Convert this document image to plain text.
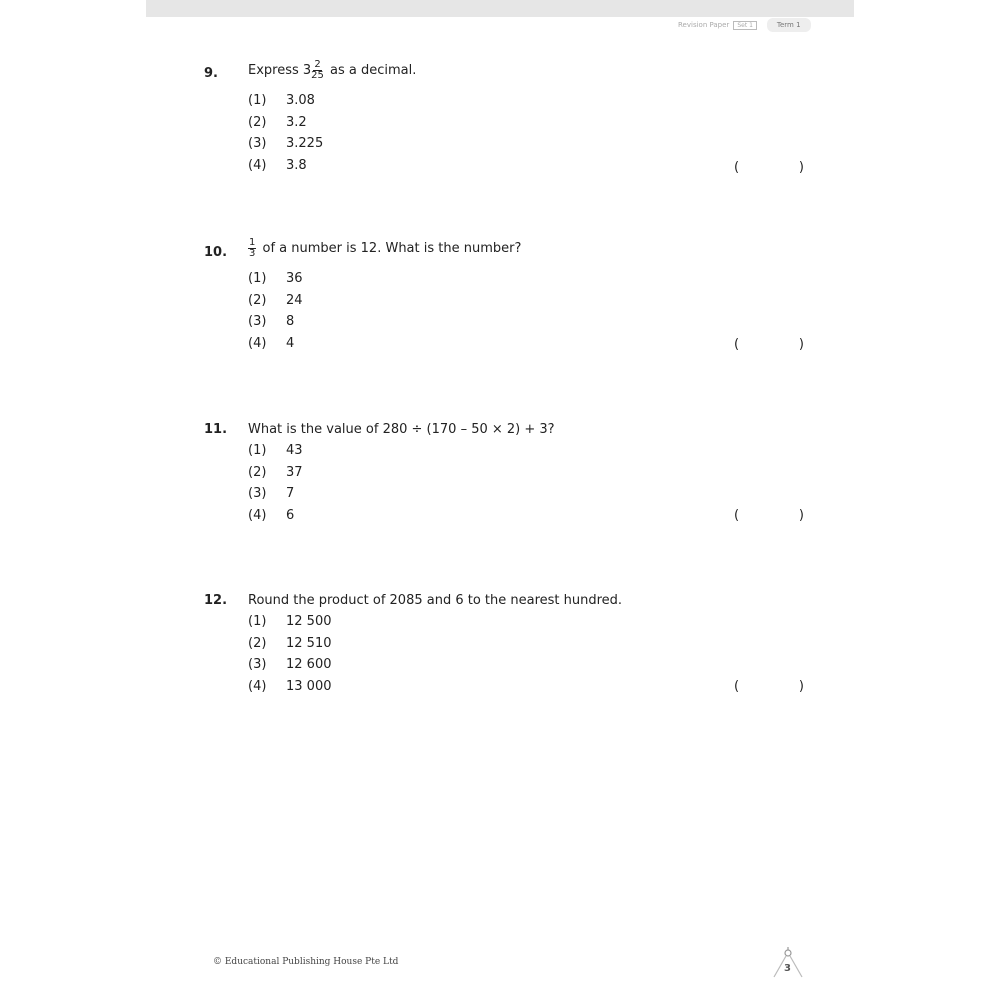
Revision Paper	Set 1	Term 1
9. Express $3 \frac{2}{25}$ as a decimal.
(1)	3.08
(2)	3.2
(3)	3.225
(4)	3.8	(	)
10. $\frac{1}{3}$ of a number is 12. What is the number?
(1)	36
(2)	24
(3)	8
(4)	4	(	)
11. What is the value of 280 ÷ (170 – 50 × 2) + 3?
(1)	43
(2)	37
(3)	7
(4)	6	(	)
12. Round the product of 2085 and 6 to the nearest hundred.
(1)	12 500
(2)	12 510
(3)	12 600
(4)	13 000	(	)
© Educational Publishing House Pte Ltd
3
